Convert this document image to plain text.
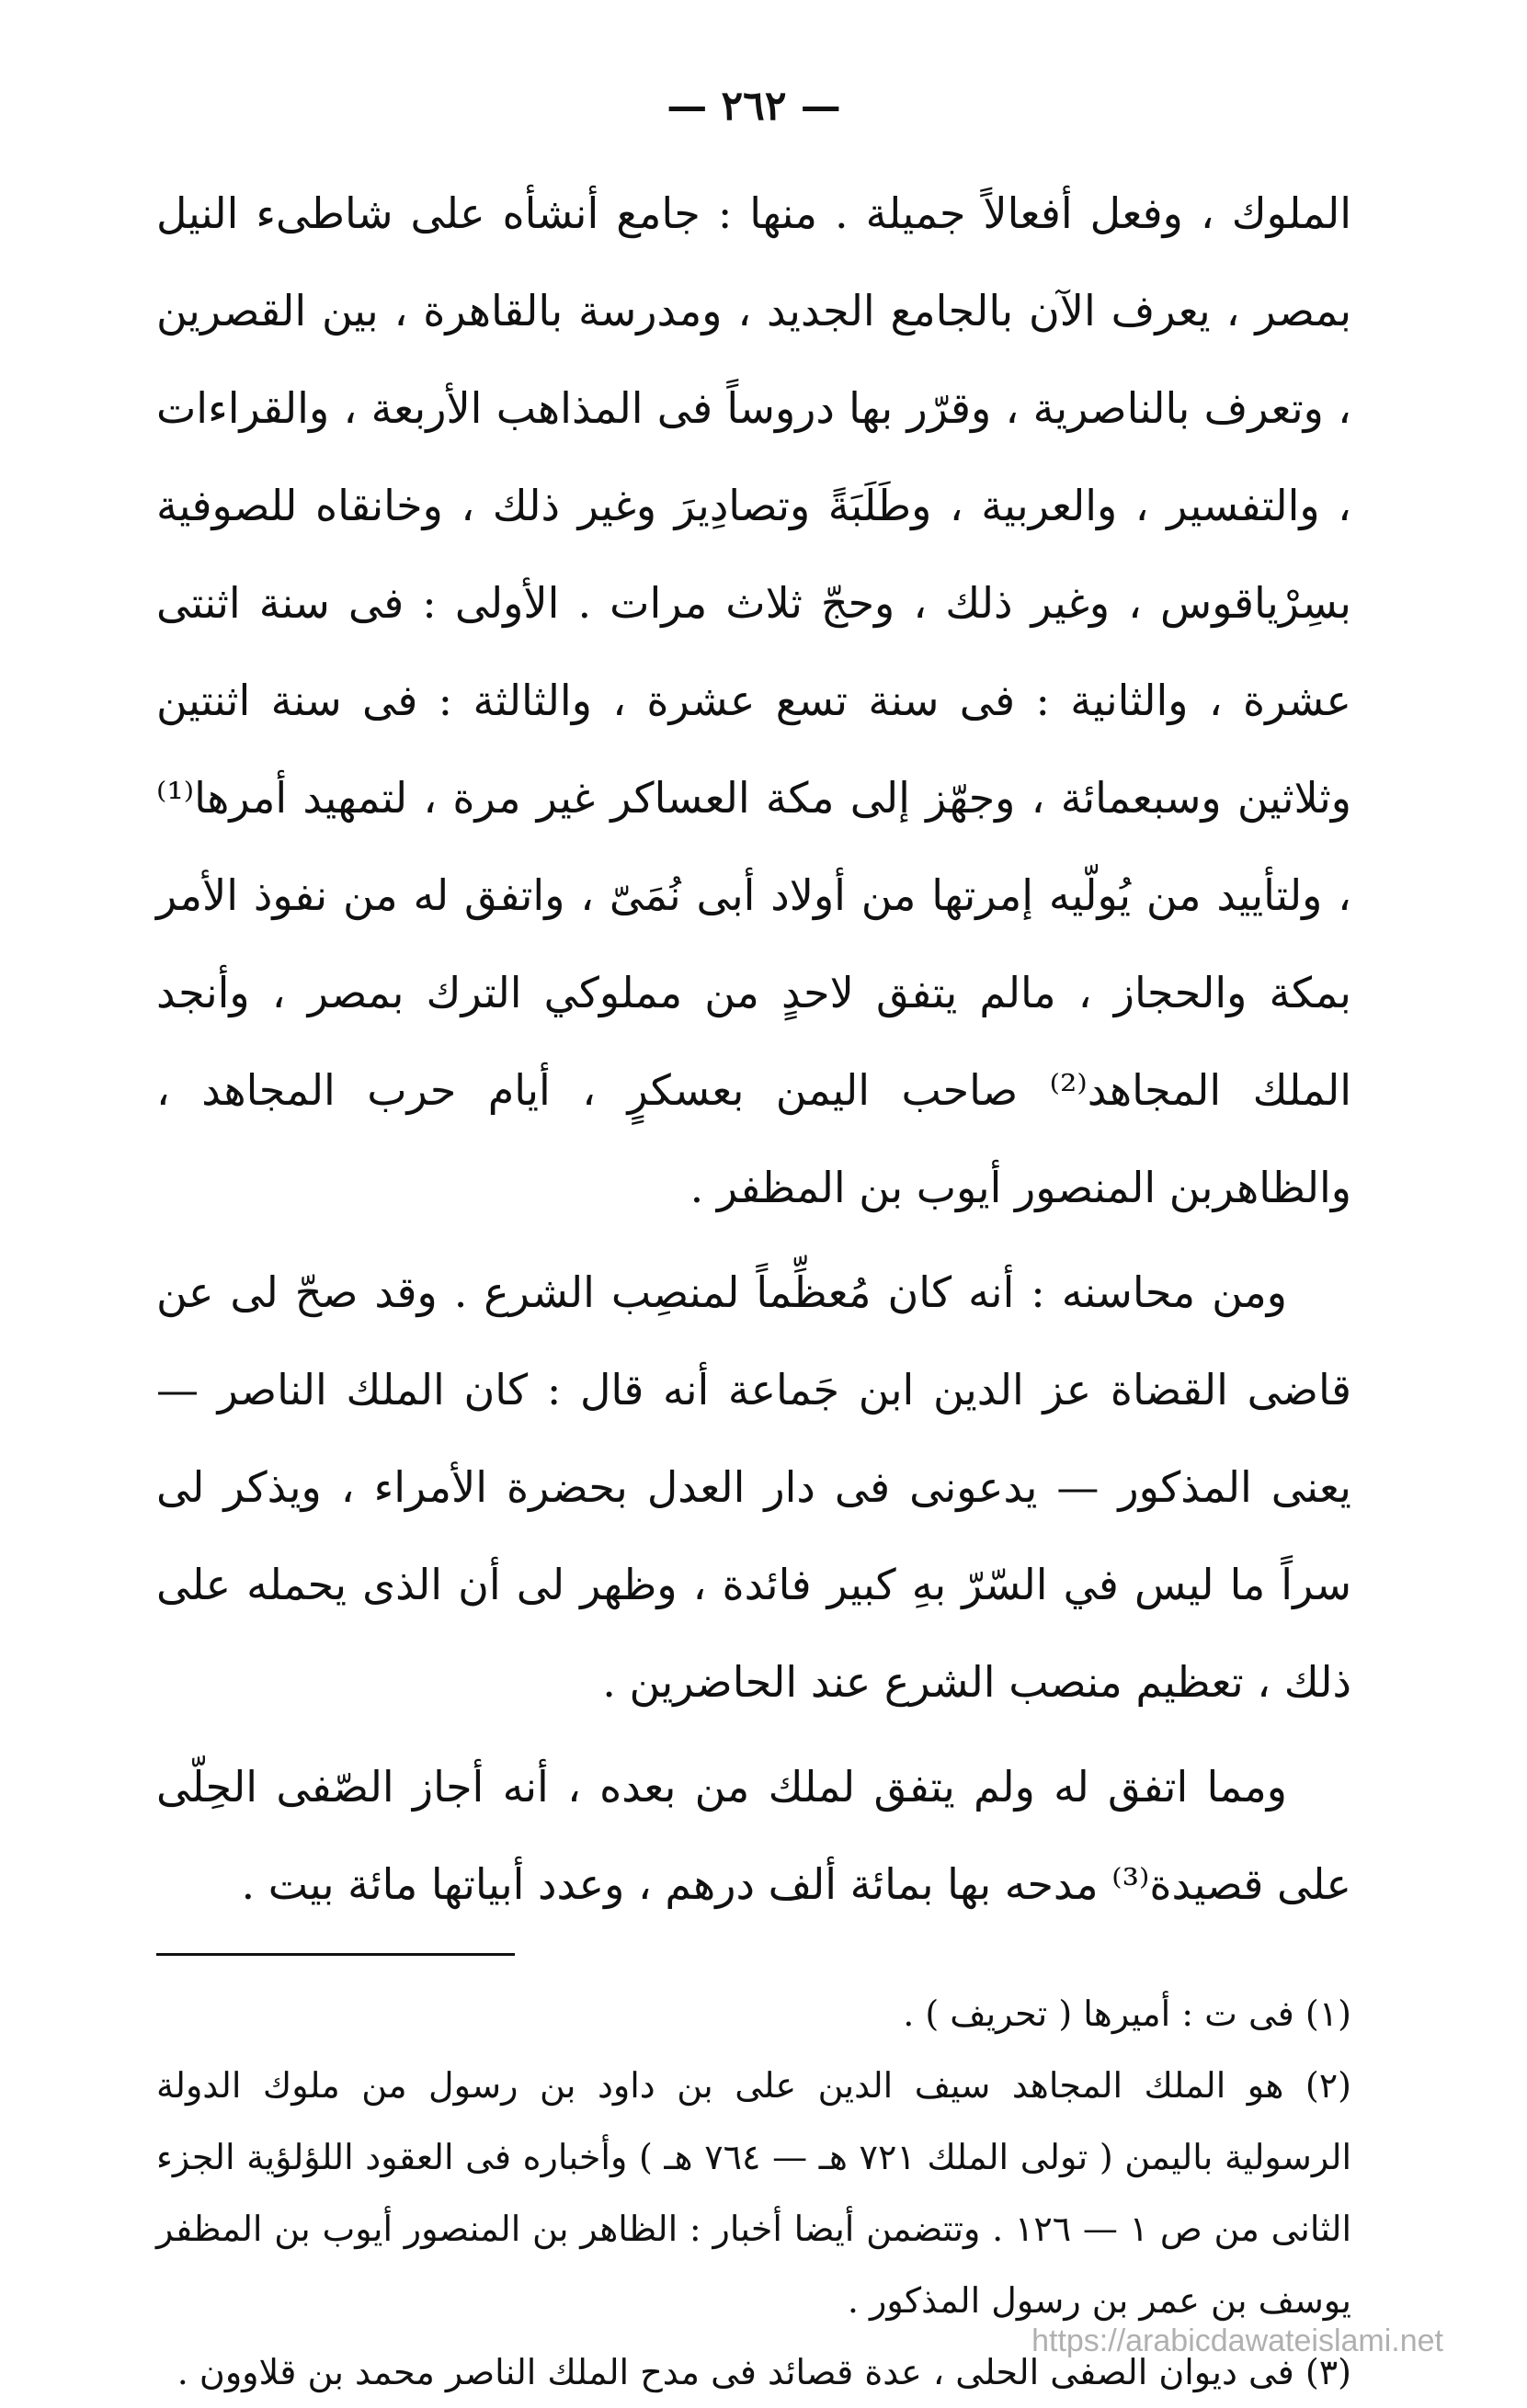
— ٢٦٢ —

الملوك ، وفعل أفعالاً جميلة . منها : جامع أنشأه على شاطىء النيل بمصر ، يعرف الآن بالجامع الجديد ، ومدرسة بالقاهرة ، بين القصرين ، وتعرف بالناصرية ، وقرّر بها دروساً فى المذاهب الأربعة ، والقراءات ، والتفسير ، والعربية ، وطَلَبَةً وتصادِيرَ وغير ذلك ، وخانقاه للصوفية بسِرْياقوس ، وغير ذلك ، وحجّ ثلاث مرات . الأولى : فى سنة اثنتى عشرة ، والثانية : فى سنة تسع عشرة ، والثالثة : فى سنة اثنتين وثلاثين وسبعمائة ، وجهّز إلى مكة العساكر غير مرة ، لتمهيد أمرها⁽¹⁾ ، ولتأييد من يُولّيه إمرتها من أولاد أبى نُمَىّ ، واتفق له من نفوذ الأمر بمكة والحجاز ، مالم يتفق لاحدٍ من مملوكي الترك بمصر ، وأنجد الملك المجاهد⁽²⁾ صاحب اليمن بعسكرٍ ، أيام حرب المجاهد ، والظاهربن المنصور أيوب بن المظفر .

ومن محاسنه : أنه كان مُعظِّماً لمنصِب الشرع . وقد صحّ لى عن قاضى القضاة عز الدين ابن جَماعة أنه قال : كان الملك الناصر — يعنى المذكور — يدعونى فى دار العدل بحضرة الأمراء ، ويذكر لى سراً ما ليس في السّرّ بهِ كبير فائدة ، وظهر لى أن الذى يحمله على ذلك ، تعظيم منصب الشرع عند الحاضرين .

ومما اتفق له ولم يتفق لملك من بعده ، أنه أجاز الصّفى الحِلّى على قصيدة⁽³⁾ مدحه بها بمائة ألف درهم ، وعدد أبياتها مائة بيت .

(١) فى ت : أميرها ( تحريف ) .

(٢) هو الملك المجاهد سيف الدين على بن داود بن رسول من ملوك الدولة الرسولية باليمن ( تولى الملك ٧٢١ هـ — ٧٦٤ هـ ) وأخباره فى العقود اللؤلؤية الجزء الثانى من ص ١ — ١٢٦ . وتتضمن أيضا أخبار : الظاهر بن المنصور أيوب بن المظفر يوسف بن عمر بن رسول المذكور .

(٣) فى ديوان الصفى الحلى ، عدة قصائد فى مدح الملك الناصر محمد بن قلاوون .

https://arabicdawateislami.net
